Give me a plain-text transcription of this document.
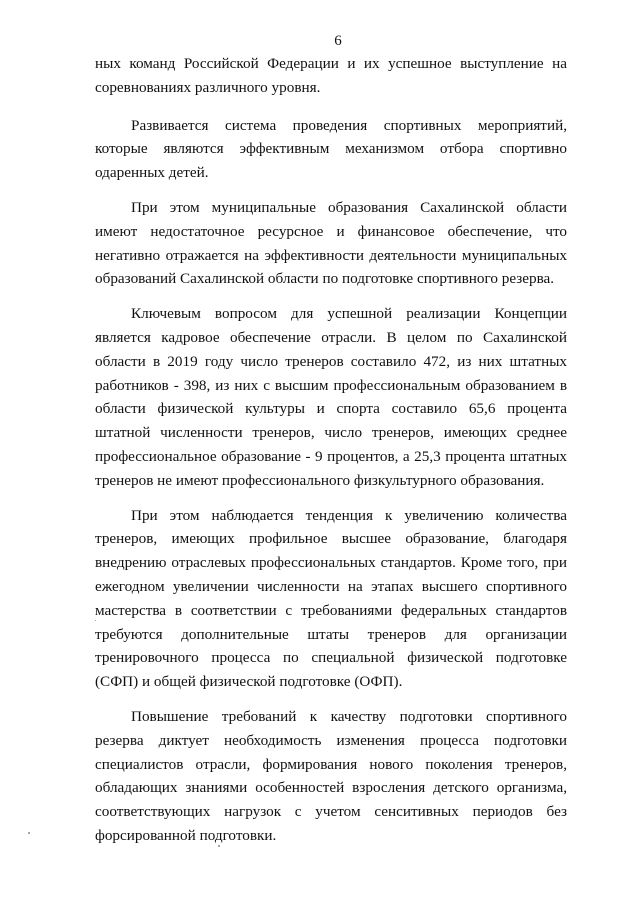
6

ных команд Российской Федерации и их успешное выступление на соревнованиях различного уровня.

Развивается система проведения спортивных мероприятий, которые являются эффективным механизмом отбора спортивно одаренных детей.

При этом муниципальные образования Сахалинской области имеют недостаточное ресурсное и финансовое обеспечение, что негативно отражается на эффективности деятельности муниципальных образований Сахалинской области по подготовке спортивного резерва.

Ключевым вопросом для успешной реализации Концепции является кадровое обеспечение отрасли. В целом по Сахалинской области в 2019 году число тренеров составило 472, из них штатных работников - 398, из них с высшим профессиональным образованием в области физической культуры и спорта составило 65,6 процента штатной численности тренеров, число тренеров, имеющих среднее профессиональное образование - 9 процентов, а 25,3 процента штатных тренеров не имеют профессионального физкультурного образования.

При этом наблюдается тенденция к увеличению количества тренеров, имеющих профильное высшее образование, благодаря внедрению отраслевых профессиональных стандартов. Кроме того, при ежегодном увеличении численности на этапах высшего спортивного мастерства в соответствии с требованиями федеральных стандартов требуются дополнительные штаты тренеров для организации тренировочного процесса по специальной физической подготовке (СФП) и общей физической подготовке (ОФП).

Повышение требований к качеству подготовки спортивного резерва диктует необходимость изменения процесса подготовки специалистов отрасли, формирования нового поколения тренеров, обладающих знаниями особенностей взросления детского организма, соответствующих нагрузок с учетом сенситивных периодов без форсированной подготовки.
